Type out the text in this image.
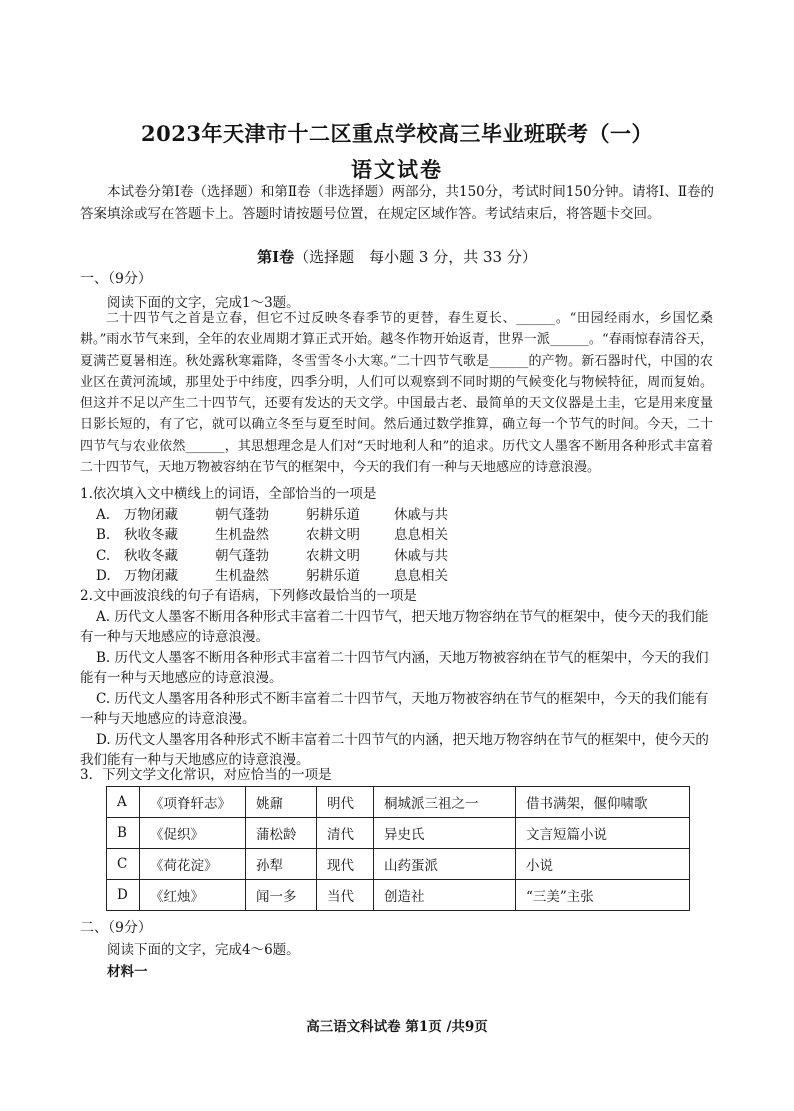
2023年天津市十二区重点学校高三毕业班联考（一）
语文试卷

本试卷分第Ⅰ卷（选择题）和第Ⅱ卷（非选择题）两部分，共150分，考试时间150分钟。请将Ⅰ、Ⅱ卷的答案填涂或写在答题卡上。答题时请按题号位置，在规定区域作答。考试结束后，将答题卡交回。

第Ⅰ卷（选择题　每小题 3 分，共 33 分）
一、（9分）
阅读下面的文字，完成1～3题。

二十四节气之首是立春，但它不过反映冬春季节的更替，春生夏长、______。“田园经雨水，乡国忆桑耕。”雨水节气来到，全年的农业周期才算正式开始。越冬作物开始返青，世界一派______。“春雨惊春清谷天，夏满芒夏暑相连。秋处露秋寒霜降，冬雪雪冬小大寒。”二十四节气歌是______的产物。新石器时代，中国的农业区在黄河流域，那里处于中纬度，四季分明，人们可以观察到不同时期的气候变化与物候特征，周而复始。但这并不足以产生二十四节气，还要有发达的天文学。中国最古老、最简单的天文仪器是土圭，它是用来度量日影长短的，有了它，就可以确立冬至与夏至时间。然后通过数学推算，确立每一个节气的时间。今天，二十四节气与农业依然______，其思想理念是人们对“天时地利人和”的追求。历代文人墨客不断用各种形式丰富着二十四节气，天地万物被容纳在节气的框架中，今天的我们有一种与天地感应的诗意浪漫。

1.依次填入文中横线上的词语，全部恰当的一项是

A.	万物闭藏	朝气蓬勃	躬耕乐道	休戚与共
B.	秋收冬藏	生机盎然	农耕文明	息息相关
C.	秋收冬藏	朝气蓬勃	农耕文明	休戚与共
D. 万物闭藏	生机盎然	躬耕乐道	息息相关

2.文中画波浪线的句子有语病，下列修改最恰当的一项是

A. 历代文人墨客不断用各种形式丰富着二十四节气，把天地万物容纳在节气的框架中，使今天的我们能有一种与天地感应的诗意浪漫。

B. 历代文人墨客不断用各种形式丰富着二十四节气内涵，天地万物被容纳在节气的框架中，今天的我们能有一种与天地感应的诗意浪漫。

C. 历代文人墨客用各种形式不断丰富着二十四节气，天地万物被容纳在节气的框架中，今天的我们能有一种与天地感应的诗意浪漫。

D. 历代文人墨客用各种形式不断丰富着二十四节气的内涵，把天地万物容纳在节气的框架中，使今天的我们能有一种与天地感应的诗意浪漫。

3．下列文学文化常识，对应恰当的一项是
A	《项脊轩志》	姚鼐	明代	桐城派三祖之一	借书满架，偃仰啸歌
B	《促织》	蒲松龄	清代	异史氏	文言短篇小说
C	《荷花淀》	孙犁	现代	山药蛋派	小说
D	《红烛》	闻一多	当代	创造社	“三美”主张
二、（9分）
阅读下面的文字，完成4～6题。
材料一
高三语文科试卷 第1页 /共9页
